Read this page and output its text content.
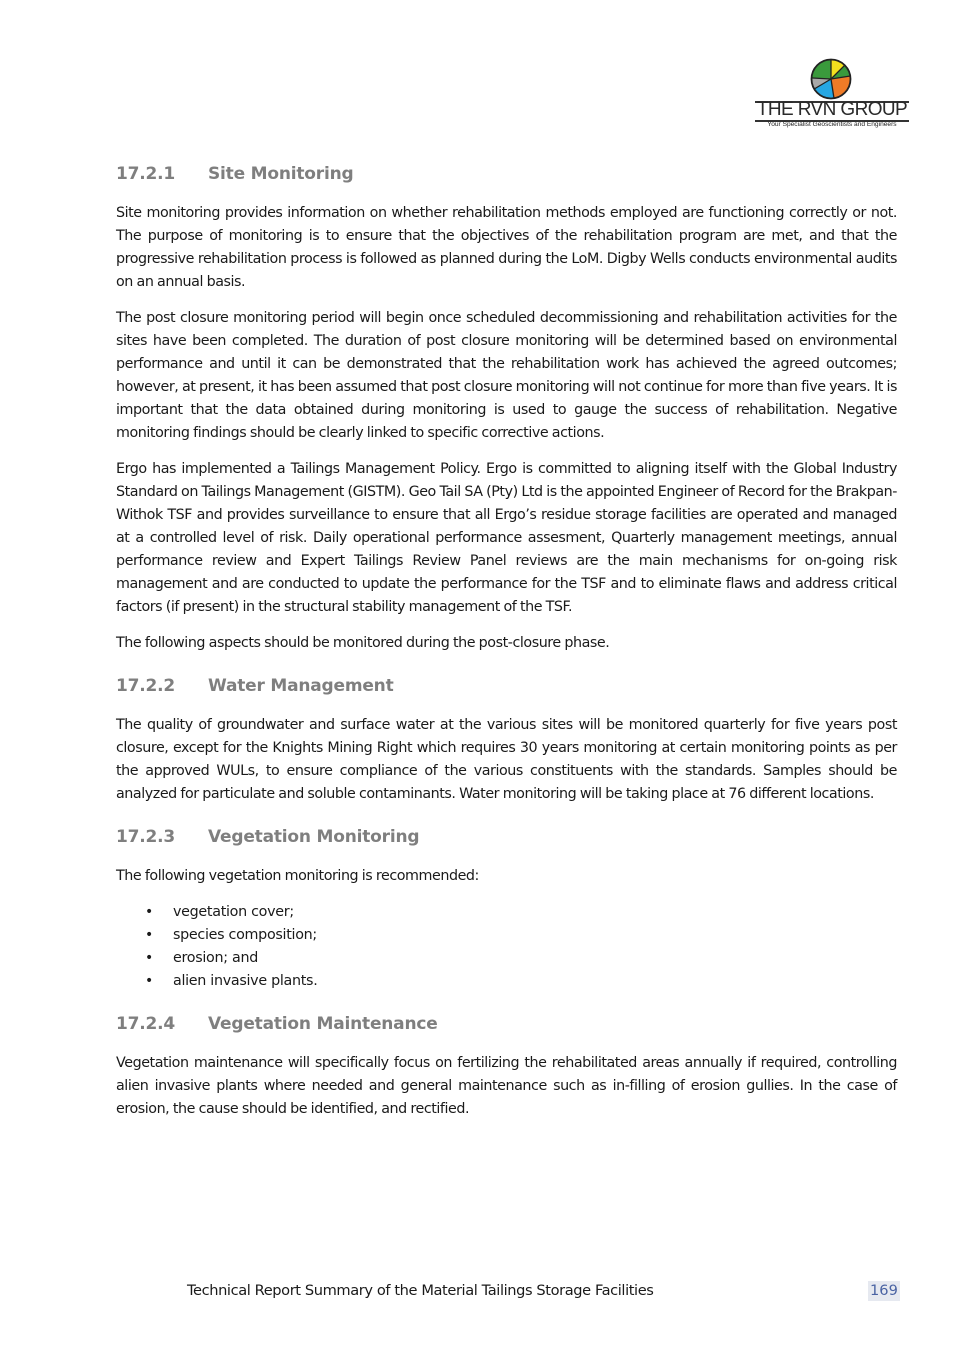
THE RVN GROUP
Your Specialist Geoscientists and Engineers
17.2.1	Site Monitoring

Site monitoring provides information on whether rehabilitation methods employed are functioning correctly or not. The purpose of monitoring is to ensure that the objectives of the rehabilitation program are met, and that the progressive rehabilitation process is followed as planned during the LoM. Digby Wells conducts environmental audits on an annual basis.

The post closure monitoring period will begin once scheduled decommissioning and rehabilitation activities for the sites have been completed. The duration of post closure monitoring will be determined based on environmental performance and until it can be demonstrated that the rehabilitation work has achieved the agreed outcomes; however, at present, it has been assumed that post closure monitoring will not continue for more than five years. It is important that the data obtained during monitoring is used to gauge the success of rehabilitation. Negative monitoring findings should be clearly linked to specific corrective actions.

Ergo has implemented a Tailings Management Policy. Ergo is committed to aligning itself with the Global Industry Standard on Tailings Management (GISTM). Geo Tail SA (Pty) Ltd is the appointed Engineer of Record for the Brakpan-Withok TSF and provides surveillance to ensure that all Ergo’s residue storage facilities are operated and managed at a controlled level of risk. Daily operational performance assesment, Quarterly management meetings, annual performance review and Expert Tailings Review Panel reviews are the main mechanisms for on-going risk management and are conducted to update the performance for the TSF and to eliminate flaws and address critical factors (if present) in the structural stability management of the TSF.

The following aspects should be monitored during the post-closure phase.

17.2.2	Water Management

The quality of groundwater and surface water at the various sites will be monitored quarterly for five years post closure, except for the Knights Mining Right which requires 30 years monitoring at certain monitoring points as per the approved WULs, to ensure compliance of the various constituents with the standards. Samples should be analyzed for particulate and soluble contaminants. Water monitoring will be taking place at 76 different locations.

17.2.3	Vegetation Monitoring

The following vegetation monitoring is recommended:

• vegetation cover;
• species composition;
• erosion; and
• alien invasive plants.
17.2.4	Vegetation Maintenance

Vegetation maintenance will specifically focus on fertilizing the rehabilitated areas annually if required, controlling alien invasive plants where needed and general maintenance such as in-filling of erosion gullies. In the case of erosion, the cause should be identified, and rectified.

Technical Report Summary of the Material Tailings Storage Facilities	169
